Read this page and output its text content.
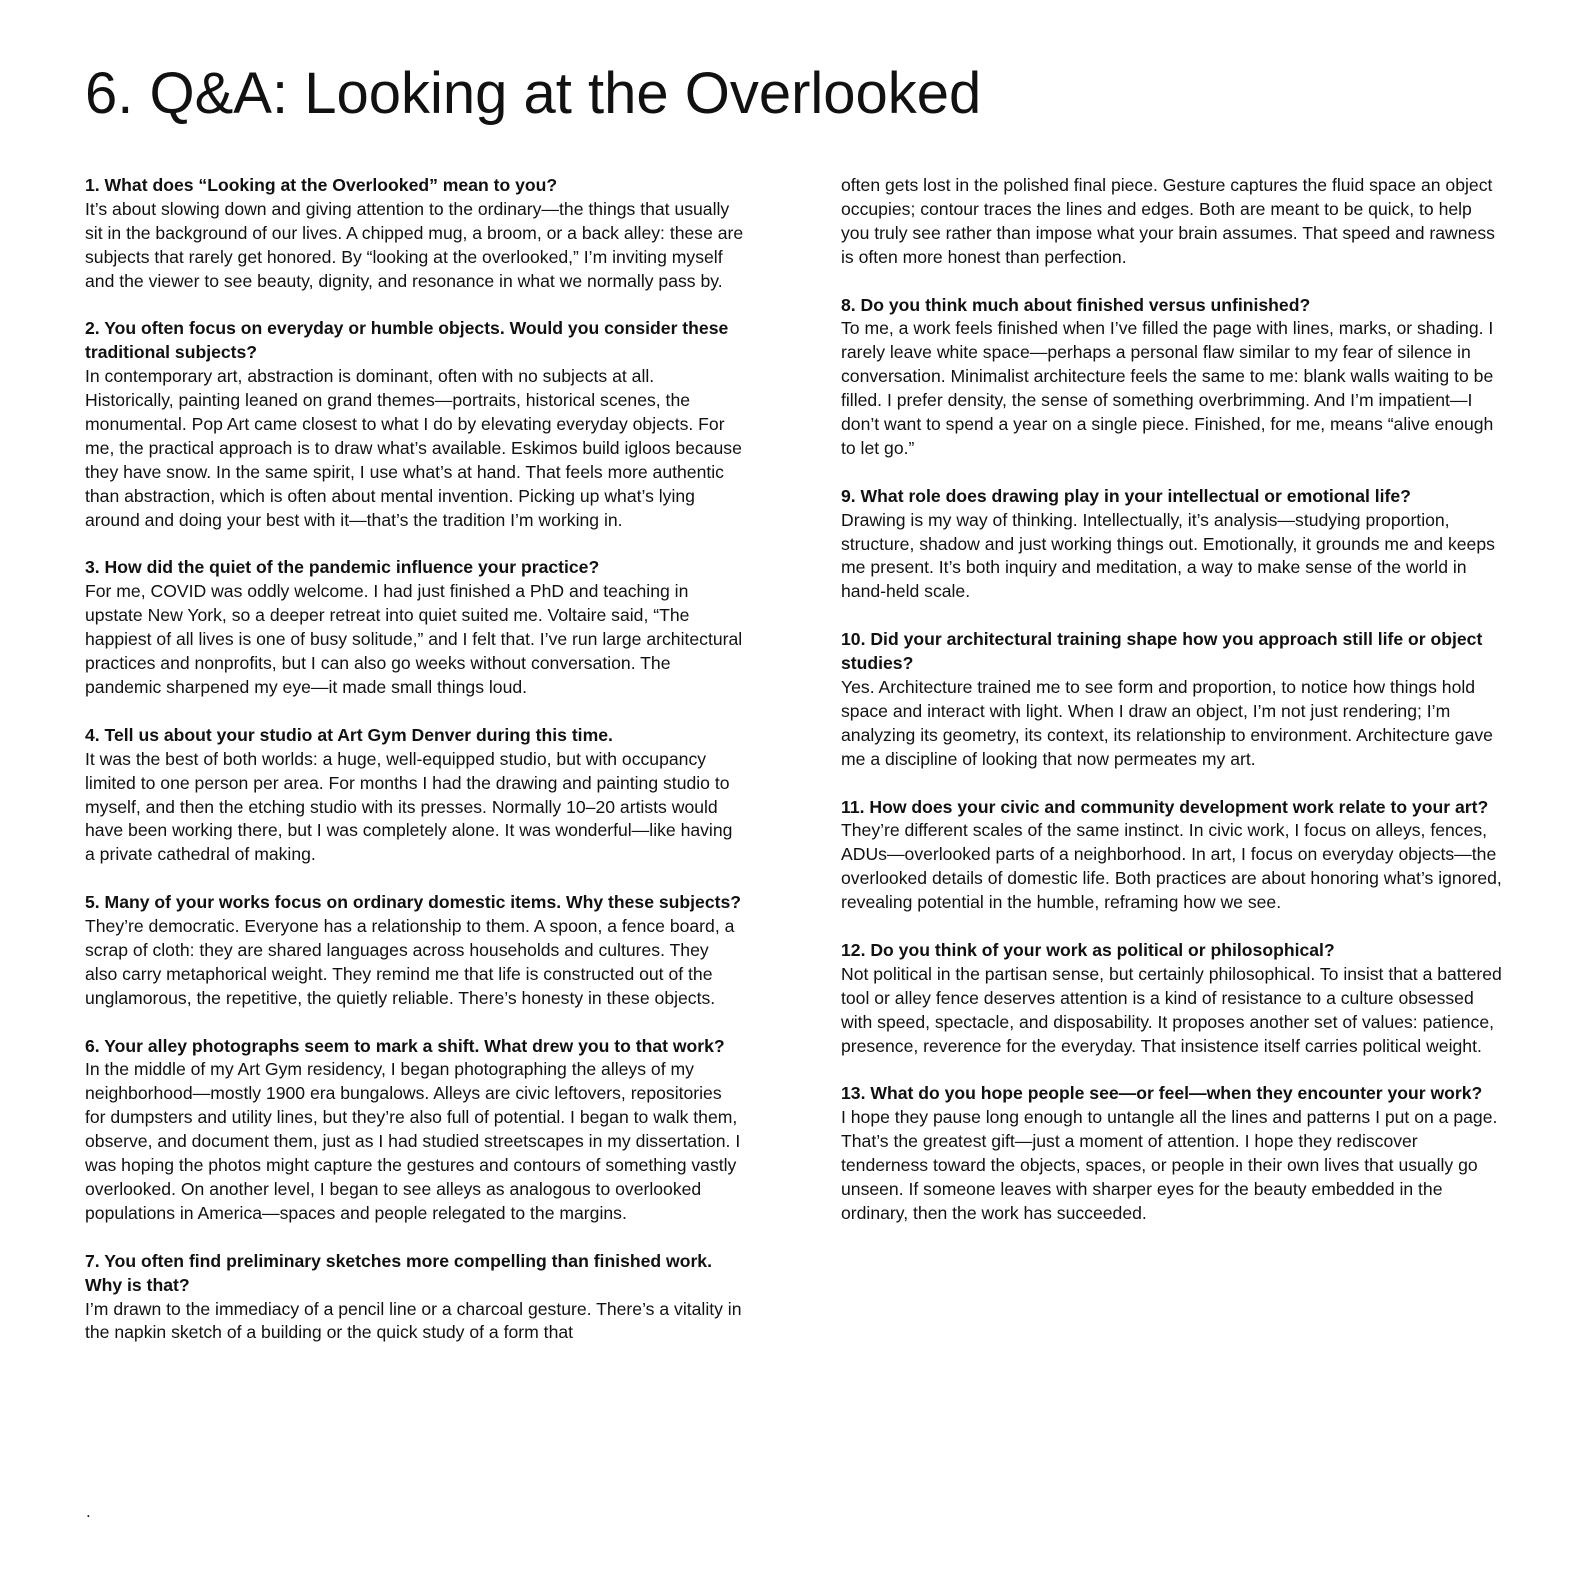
6. Q&A: Looking at the Overlooked

1. What does “Looking at the Overlooked” mean to you?

It’s about slowing down and giving attention to the ordinary—the things that usually sit in the background of our lives. A chipped mug, a broom, or a back alley: these are subjects that rarely get honored. By “looking at the overlooked,” I’m inviting myself and the viewer to see beauty, dignity, and resonance in what we normally pass by.

2. You often focus on everyday or humble objects. Would you consider these traditional subjects?

In contemporary art, abstraction is dominant, often with no subjects at all. Historically, painting leaned on grand themes—portraits, historical scenes, the monumental. Pop Art came closest to what I do by elevating everyday objects. For me, the practical approach is to draw what’s available. Eskimos build igloos because they have snow. In the same spirit, I use what’s at hand. That feels more authentic than abstraction, which is often about mental invention. Picking up what’s lying around and doing your best with it—that’s the tradition I’m working in.

3. How did the quiet of the pandemic influence your practice?

For me, COVID was oddly welcome. I had just finished a PhD and teaching in upstate New York, so a deeper retreat into quiet suited me. Voltaire said, “The happiest of all lives is one of busy solitude,” and I felt that. I’ve run large architectural practices and nonprofits, but I can also go weeks without conversation. The pandemic sharpened my eye—it made small things loud.

4. Tell us about your studio at Art Gym Denver during this time.

It was the best of both worlds: a huge, well-equipped studio, but with occupancy limited to one person per area. For months I had the drawing and painting studio to myself, and then the etching studio with its presses. Normally 10–20 artists would have been working there, but I was completely alone. It was wonderful—like having a private cathedral of making.

5. Many of your works focus on ordinary domestic items. Why these subjects?

They’re democratic. Everyone has a relationship to them. A spoon, a fence board, a scrap of cloth: they are shared languages across households and cultures. They also carry metaphorical weight. They remind me that life is constructed out of the unglamorous, the repetitive, the quietly reliable. There’s honesty in these objects.

6. Your alley photographs seem to mark a shift. What drew you to that work?

In the middle of my Art Gym residency, I began photographing the alleys of my neighborhood—mostly 1900 era bungalows. Alleys are civic leftovers, repositories for dumpsters and utility lines, but they’re also full of potential. I began to walk them, observe, and document them, just as I had studied streetscapes in my dissertation. I was hoping the photos might capture the gestures and contours of something vastly overlooked. On another level, I began to see alleys as analogous to overlooked populations in America—spaces and people relegated to the margins.

7. You often find preliminary sketches more compelling than finished work. Why is that?

I’m drawn to the immediacy of a pencil line or a charcoal gesture. There’s a vitality in the napkin sketch of a building or the quick study of a form that

often gets lost in the polished final piece. Gesture captures the fluid space an object occupies; contour traces the lines and edges. Both are meant to be quick, to help you truly see rather than impose what your brain assumes. That speed and rawness is often more honest than perfection.

8. Do you think much about finished versus unfinished?

To me, a work feels finished when I’ve filled the page with lines, marks, or shading. I rarely leave white space—perhaps a personal flaw similar to my fear of silence in conversation. Minimalist architecture feels the same to me: blank walls waiting to be filled. I prefer density, the sense of something overbrimming. And I’m impatient—I don’t want to spend a year on a single piece. Finished, for me, means “alive enough to let go.”

9. What role does drawing play in your intellectual or emotional life?

Drawing is my way of thinking. Intellectually, it’s analysis—studying proportion, structure, shadow and just working things out. Emotionally, it grounds me and keeps me present. It’s both inquiry and meditation, a way to make sense of the world in hand-held scale.

10. Did your architectural training shape how you approach still life or object studies?

Yes. Architecture trained me to see form and proportion, to notice how things hold space and interact with light. When I draw an object, I’m not just rendering; I’m analyzing its geometry, its context, its relationship to environment. Architecture gave me a discipline of looking that now permeates my art.

11. How does your civic and community development work relate to your art?

They’re different scales of the same instinct. In civic work, I focus on alleys, fences, ADUs—overlooked parts of a neighborhood. In art, I focus on everyday objects—the overlooked details of domestic life. Both practices are about honoring what’s ignored, revealing potential in the humble, reframing how we see.

12. Do you think of your work as political or philosophical?

Not political in the partisan sense, but certainly philosophical. To insist that a battered tool or alley fence deserves attention is a kind of resistance to a culture obsessed with speed, spectacle, and disposability. It proposes another set of values: patience, presence, reverence for the everyday. That insistence itself carries political weight.

13. What do you hope people see—or feel—when they encounter your work?

I hope they pause long enough to untangle all the lines and patterns I put on a page. That’s the greatest gift—just a moment of attention. I hope they rediscover tenderness toward the objects, spaces, or people in their own lives that usually go unseen. If someone leaves with sharper eyes for the beauty embedded in the ordinary, then the work has succeeded.

.
